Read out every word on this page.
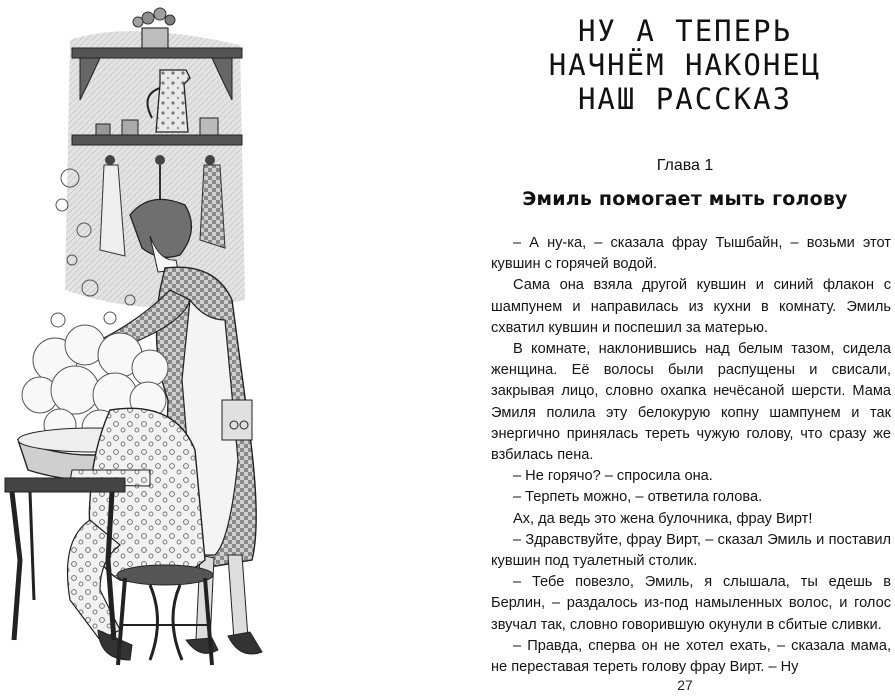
НУ А ТЕПЕРЬ
НАЧНЁМ НАКОНЕЦ
НАШ РАССКАЗ
Глава 1
Эмиль помогает мыть голову

– А ну-ка, – сказала фрау Тышбайн, – возьми этот кувшин с горячей водой.

Сама она взяла другой кувшин и синий флакон с шампунем и направилась из кухни в комнату. Эмиль схватил кувшин и поспешил за матерью.

В комнате, наклонившись над белым тазом, сидела женщина. Её волосы были распущены и свисали, закрывая лицо, словно охапка нечёсаной шерсти. Мама Эмиля полила эту белокурую копну шампунем и так энергично принялась тереть чужую голову, что сразу же взбилась пена.

– Не горячо? – спросила она.

– Терпеть можно, – ответила голова.

Ах, да ведь это жена булочника, фрау Вирт!

– Здравствуйте, фрау Вирт, – сказал Эмиль и поставил кувшин под туалетный столик.

– Тебе повезло, Эмиль, я слышала, ты едешь в Берлин, – раздалось из-под намыленных волос, и голос звучал так, словно говорившую окунули в сбитые сливки.

– Правда, сперва он не хотел ехать, – сказала мама, не переставая тереть голову фрау Вирт. – Ну

27
